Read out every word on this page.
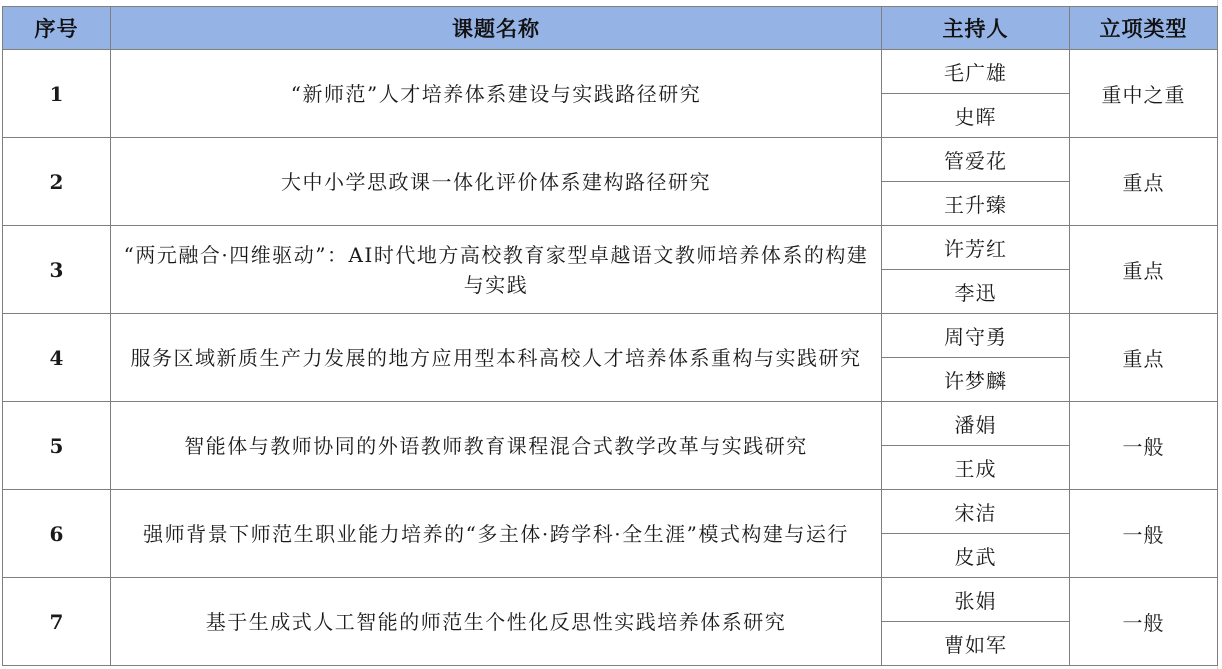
序号	课题名称	主持人	立项类型
1	“新师范”人才培养体系建设与实践路径研究	毛广雄	重中之重
		史晖	
2	大中小学思政课一体化评价体系建构路径研究	管爱花	重点
		王升臻	
3	“两元融合·四维驱动”：AI时代地方高校教育家型卓越语文教师培养体系的构建与实践	许芳红	重点
		李迅	
4	服务区域新质生产力发展的地方应用型本科高校人才培养体系重构与实践研究	周守勇	重点
		许梦麟	
5	智能体与教师协同的外语教师教育课程混合式教学改革与实践研究	潘娟	一般
		王成	
6	强师背景下师范生职业能力培养的“多主体·跨学科·全生涯”模式构建与运行	宋洁	一般
		皮武	
7	基于生成式人工智能的师范生个性化反思性实践培养体系研究	张娟	一般
		曹如军	
